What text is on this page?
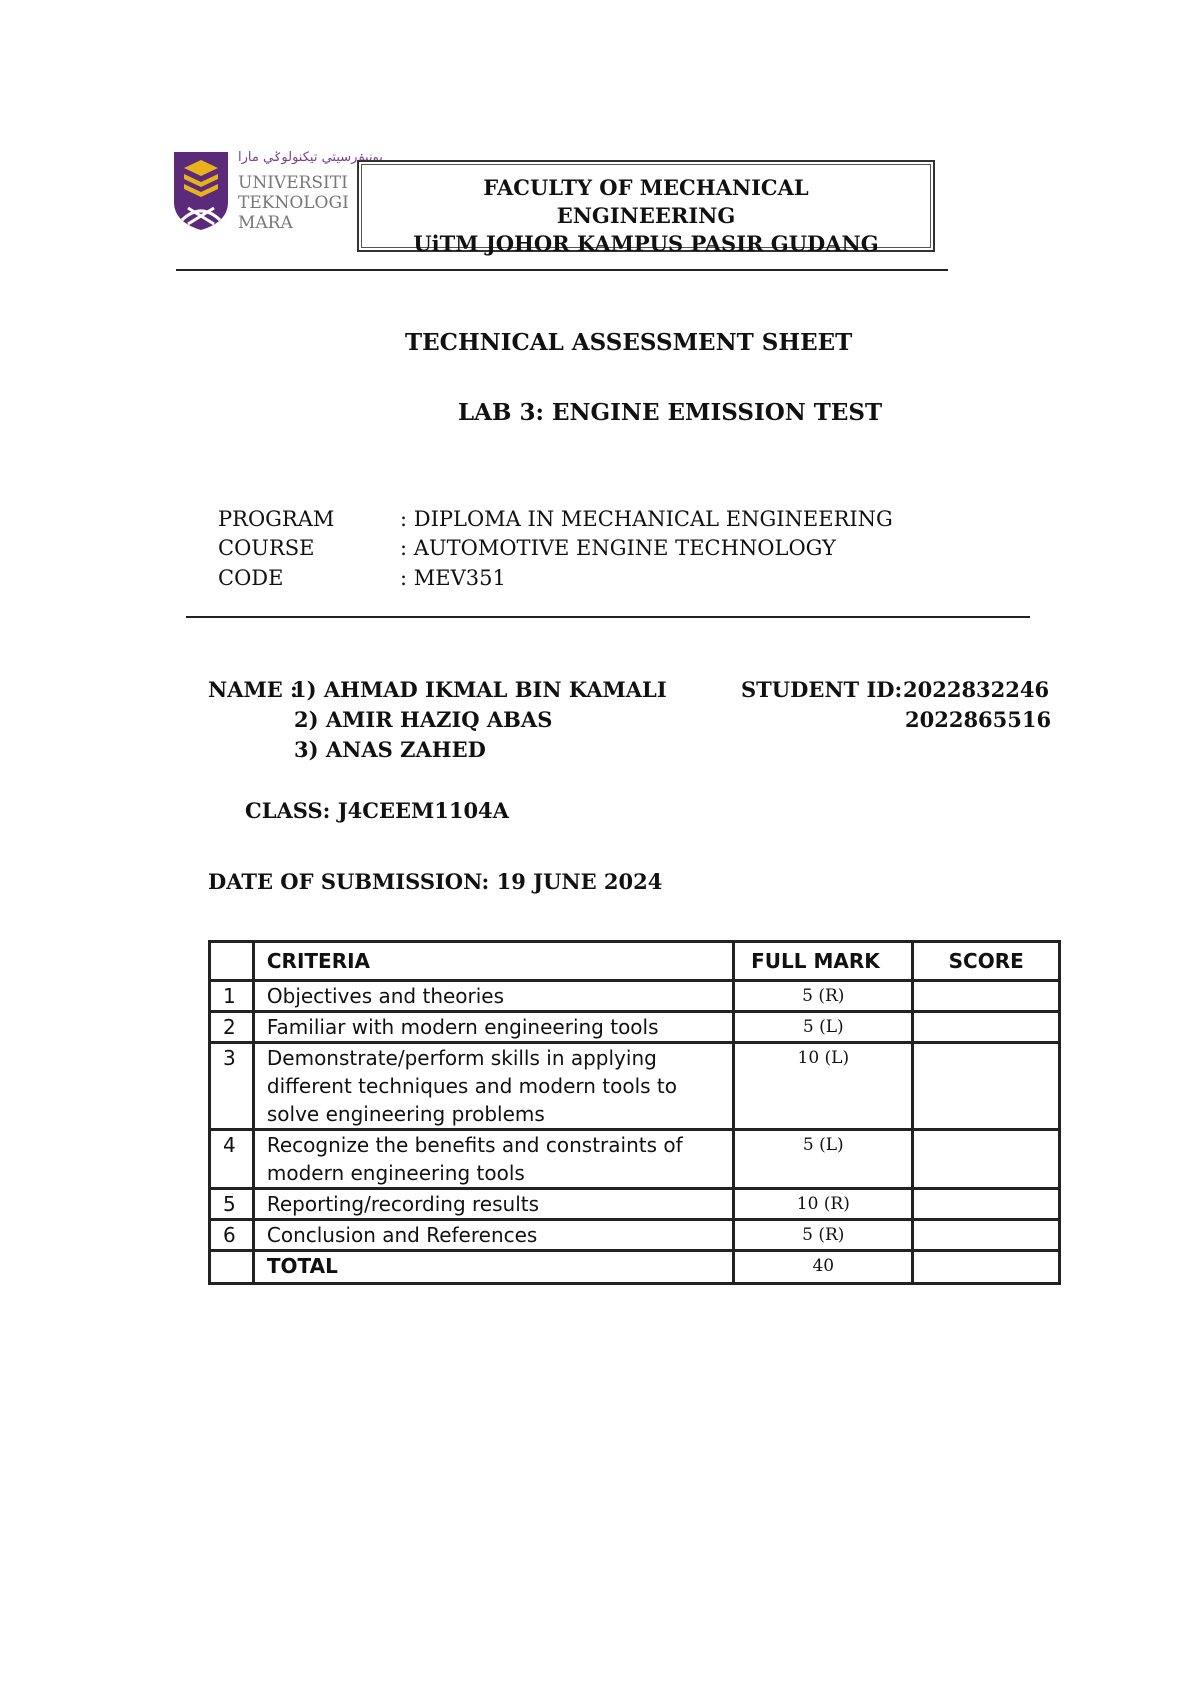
يونيۏرسيتي تيكنولوݢي مارا
UNIVERSITI
TEKNOLOGI
MARA
FACULTY OF MECHANICAL
ENGINEERING
UiTM JOHOR KAMPUS PASIR GUDANG
TECHNICAL ASSESSMENT SHEET
LAB 3: ENGINE EMISSION TEST
PROGRAM	: DIPLOMA IN MECHANICAL ENGINEERING
COURSE	: AUTOMOTIVE ENGINE TECHNOLOGY
CODE	: MEV351
NAME :
1) AHMAD IKMAL BIN KAMALI
2) AMIR HAZIQ ABAS
3) ANAS ZAHED
STUDENT ID: 2022832246
2022865516
CLASS: J4CEEM1104A
DATE OF SUBMISSION: 19 JUNE 2024
	CRITERIA	FULL MARK	SCORE
1	Objectives and theories	5 (R)	
2	Familiar with modern engineering tools	5 (L)	
3	Demonstrate/perform skills in applying different techniques and modern tools to solve engineering problems	10 (L)	
4	Recognize the benefits and constraints of modern engineering tools	5 (L)	
5	Reporting/recording results	10 (R)	
6	Conclusion and References	5 (R)	
	TOTAL	40	
